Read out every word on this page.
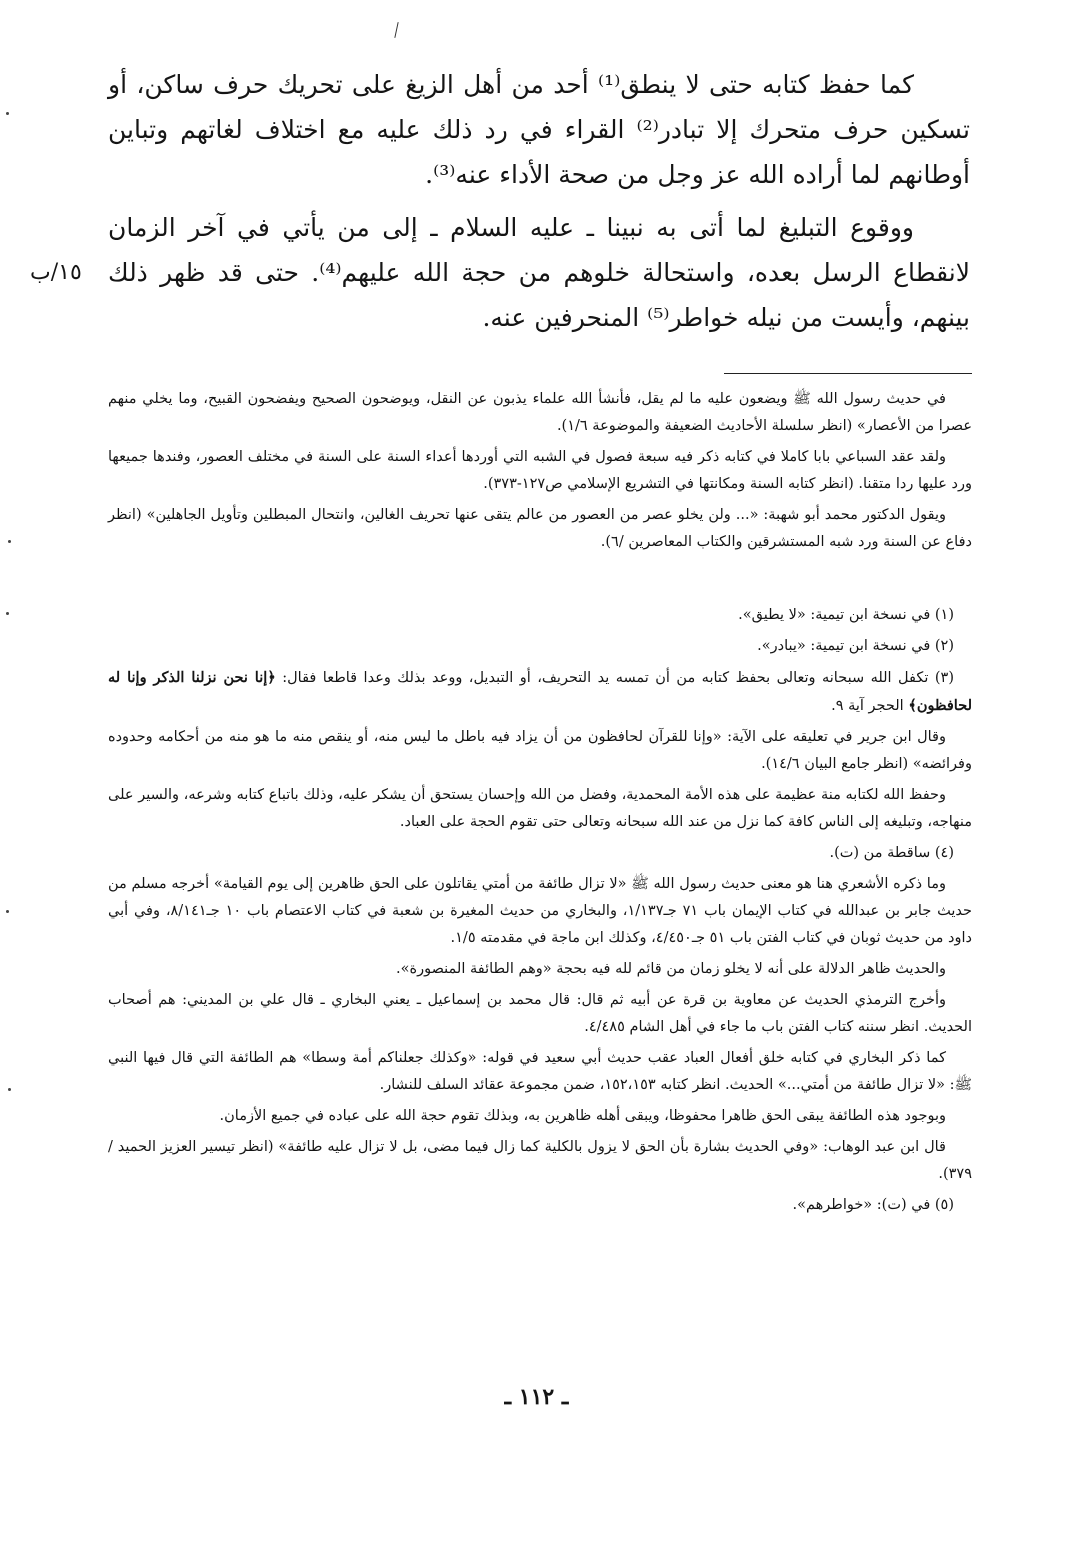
كما حفظ كتابه حتى لا ينطق⁽¹⁾ أحد من أهل الزيغ على تحريك حرف ساكن، أو تسكين حرف متحرك إلا تبادر⁽²⁾ القراء في رد ذلك عليه مع اختلاف لغاتهم وتباين أوطانهم لما أراده الله عز وجل من صحة الأداء عنه⁽³⁾.

ووقوع التبليغ لما أتى به نبينا ـ عليه السلام ـ إلى من يأتي في آخر الزمان لانقطاع الرسل بعده، واستحالة خلوهم من حجة الله عليهم⁽⁴⁾. حتى قد ظهر ذلك بينهم، وأيست من نيله خواطر⁽⁵⁾ المنحرفين عنه.

١٥/ب

في حديث رسول الله ﷺ ويضعون عليه ما لم يقل، فأنشأ الله علماء يذبون عن النقل، ويوضحون الصحيح ويفضحون القبيح، وما يخلي منهم عصرا من الأعصار» (انظر سلسلة الأحاديث الضعيفة والموضوعة ١/٦).

ولقد عقد السباعي بابا كاملا في كتابه ذكر فيه سبعة فصول في الشبه التي أوردها أعداء السنة على السنة في مختلف العصور، وفندها جميعها ورد عليها ردا متقنا. (انظر كتابه السنة ومكانتها في التشريع الإسلامي ص١٢٧-٣٧٣).

ويقول الدكتور محمد أبو شهبة: «... ولن يخلو عصر من العصور من عالم يتقى عنها تحريف الغالين، وانتحال المبطلين وتأويل الجاهلين» (انظر دفاع عن السنة ورد شبه المستشرقين والكتاب المعاصرين /٦).

(١) في نسخة ابن تيمية: «لا يطيق».

(٢) في نسخة ابن تيمية: «يبادر».

(٣) تكفل الله سبحانه وتعالى بحفظ كتابه من أن تمسه يد التحريف، أو التبديل، ووعد بذلك وعدا قاطعا فقال: ﴿إنا نحن نزلنا الذكر وإنا له لحافظون﴾ الحجر آية ٩.

وقال ابن جرير في تعليقه على الآية: «وإنا للقرآن لحافظون من أن يزاد فيه باطل ما ليس منه، أو ينقص منه ما هو منه من أحكامه وحدوده وفرائضه» (انظر جامع البيان ١٤/٦).

وحفظ الله لكتابه منة عظيمة على هذه الأمة المحمدية، وفضل من الله وإحسان يستحق أن يشكر عليه، وذلك باتباع كتابه وشرعه، والسير على منهاجه، وتبليغه إلى الناس كافة كما نزل من عند الله سبحانه وتعالى حتى تقوم الحجة على العباد.

(٤) ساقطة من (ت).

وما ذكره الأشعري هنا هو معنى حديث رسول الله ﷺ «لا تزال طائفة من أمتي يقاتلون على الحق ظاهرين إلى يوم القيامة» أخرجه مسلم من حديث جابر بن عبدالله في كتاب الإيمان باب ٧١ جـ١/١٣٧، والبخاري من حديث المغيرة بن شعبة في كتاب الاعتصام باب ١٠ جـ٨/١٤١، وفي أبي داود من حديث ثوبان في كتاب الفتن باب ٥١ جـ٤/٤٥٠، وكذلك ابن ماجة في مقدمته ١/٥.

والحديث ظاهر الدلالة على أنه لا يخلو زمان من قائم لله فيه بحجة «وهم الطائفة المنصورة».

وأخرج الترمذي الحديث عن معاوية بن قرة عن أبيه ثم قال: قال محمد بن إسماعيل ـ يعني البخاري ـ قال علي بن المديني: هم أصحاب الحديث. انظر سننه كتاب الفتن باب ما جاء في أهل الشام ٤/٤٨٥.

كما ذكر البخاري في كتابه خلق أفعال العباد عقب حديث أبي سعيد في قوله: «وكذلك جعلناكم أمة وسطا» هم الطائفة التي قال فيها النبي ﷺ: «لا تزال طائفة من أمتي...» الحديث. انظر كتابه ١٥٢،١٥٣، ضمن مجموعة عقائد السلف للنشار.

وبوجود هذه الطائفة يبقى الحق ظاهرا محفوظا، ويبقى أهله ظاهرين به، وبذلك تقوم حجة الله على عباده في جميع الأزمان.

قال ابن عبد الوهاب: «وفي الحديث بشارة بأن الحق لا يزول بالكلية كما زال فيما مضى، بل لا تزال عليه طائفة» (انظر تيسير العزيز الحميد /٣٧٩).

(٥) في (ت): «خواطرهم».

ـ ١١٢ ـ
